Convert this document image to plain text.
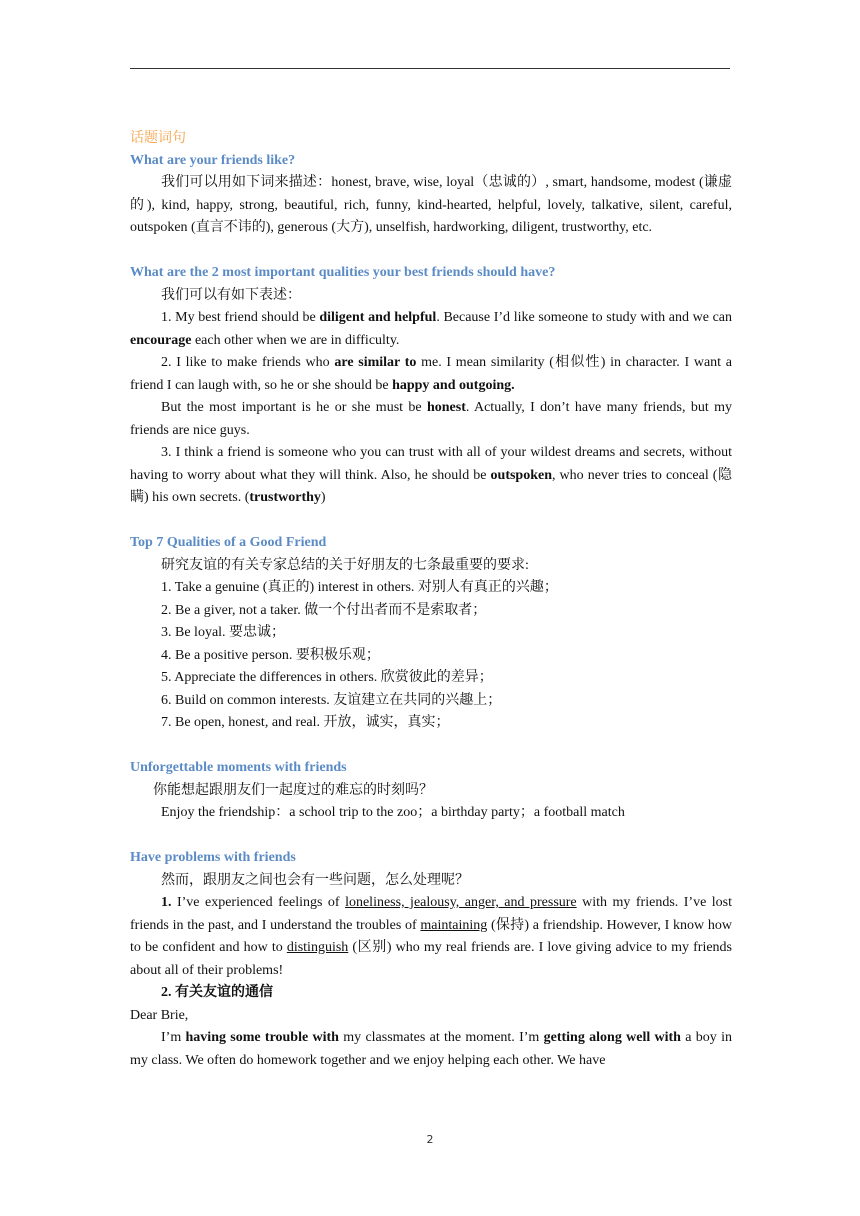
话题词句
What are your friends like?
我们可以用如下词来描述：honest, brave, wise, loyal（忠诚的）, smart, handsome, modest (谦虚的), kind, happy, strong, beautiful, rich, funny, kind-hearted, helpful, lovely, talkative, silent, careful, outspoken (直言不讳的), generous (大方), unselfish, hardworking, diligent, trustworthy, etc.
What are the 2 most important qualities your best friends should have?
我们可以有如下表述：
1. My best friend should be diligent and helpful. Because I’d like someone to study with and we can encourage each other when we are in difficulty.
2. I like to make friends who are similar to me. I mean similarity (相似性) in character. I want a friend I can laugh with, so he or she should be happy and outgoing.
But the most important is he or she must be honest. Actually, I don’t have many friends, but my friends are nice guys.
3. I think a friend is someone who you can trust with all of your wildest dreams and secrets, without having to worry about what they will think. Also, he should be outspoken, who never tries to conceal (隐瞒) his own secrets. (trustworthy)
Top 7 Qualities of a Good Friend
研究友谊的有关专家总结的关于好朋友的七条最重要的要求:
1. Take a genuine (真正的) interest in others. 对别人有真正的兴趣；
2. Be a giver, not a taker. 做一个付出者而不是索取者；
3. Be loyal. 要忠诚；
4. Be a positive person. 要积极乐观；
5. Appreciate the differences in others. 欣赏彼此的差异；
6. Build on common interests. 友谊建立在共同的兴趣上；
7. Be open, honest, and real. 开放，诚实，真实；
Unforgettable moments with friends
你能想起跟朋友们一起度过的难忘的时刻吗？
Enjoy the friendship：a school trip to the zoo；a birthday party；a football match
Have problems with friends
然而，跟朋友之间也会有一些问题，怎么处理呢？
1. I’ve experienced feelings of loneliness, jealousy, anger, and pressure with my friends. I’ve lost friends in the past, and I understand the troubles of maintaining (保持) a friendship. However, I know how to be confident and how to distinguish (区别) who my real friends are. I love giving advice to my friends about all of their problems!
2. 有关友谊的通信
Dear Brie,
I’m having some trouble with my classmates at the moment. I’m getting along well with a boy in my class. We often do homework together and we enjoy helping each other. We have
2
